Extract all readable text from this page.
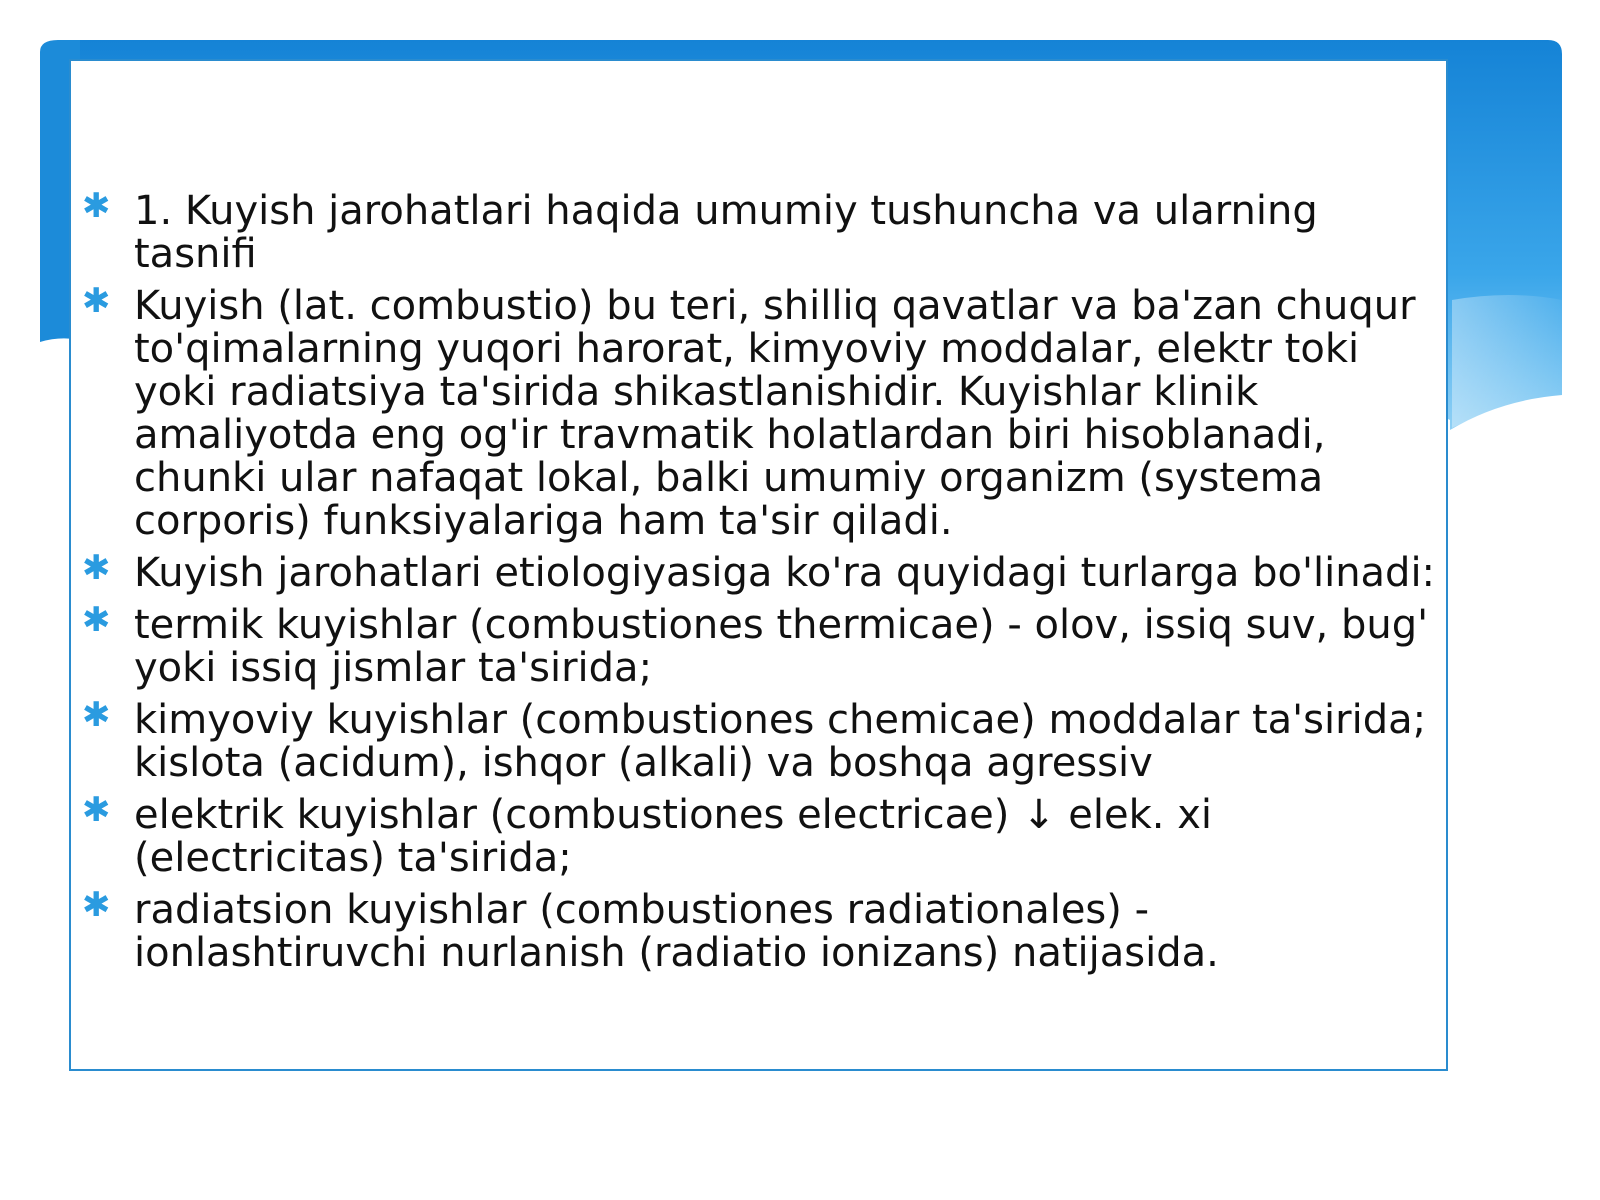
✱ 1. Kuyish jarohatlari haqida umumiy tushuncha va ularning tasnifi
✱ Kuyish (lat. combustio) bu teri, shilliq qavatlar va ba'zan chuqur to'qimalarning yuqori harorat, kimyoviy moddalar, elektr toki yoki radiatsiya ta'sirida shikastlanishidir. Kuyishlar klinik amaliyotda eng og'ir travmatik holatlardan biri hisoblanadi, chunki ular nafaqat lokal, balki umumiy organizm (systema corporis) funksiyalariga ham ta'sir qiladi.
✱ Kuyish jarohatlari etiologiyasiga ko'ra quyidagi turlarga bo'linadi:
✱ termik kuyishlar (combustiones thermicae) - olov, issiq suv, bug' yoki issiq jismlar ta'sirida;
✱ kimyoviy kuyishlar (combustiones chemicae) moddalar ta'sirida; kislota (acidum), ishqor (alkali) va boshqa agressiv
✱ elektrik kuyishlar (combustiones electricae) ↓ elek. xi (electricitas) ta'sirida;
✱ radiatsion kuyishlar (combustiones radiationales) - ionlashtiruvchi nurlanish (radiatio ionizans) natijasida.
